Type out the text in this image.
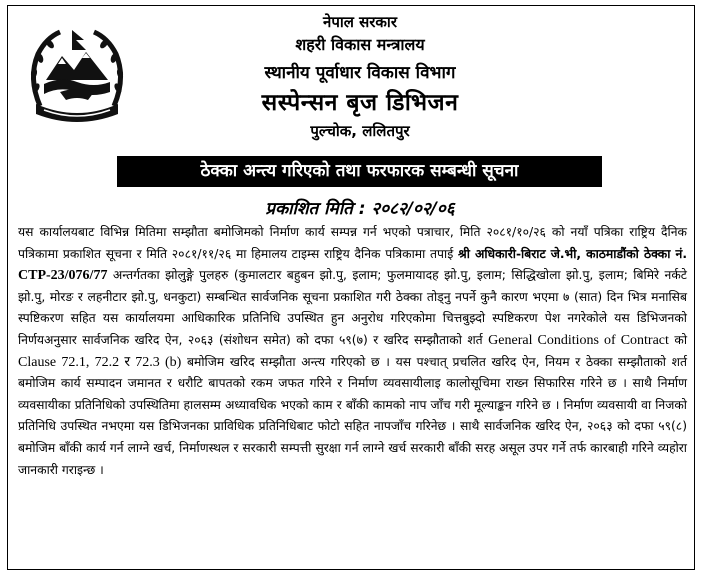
नेपाल सरकार
शहरी विकास मन्त्रालय
स्थानीय पूर्वाधार विकास विभाग
सस्पेन्सन बृज डिभिजन
पुल्चोक, ललितपुर
ठेक्का अन्त्य गरिएको तथा फरफारक सम्बन्धी सूचना
प्रकाशित मिति : २०८२/०२/०६
यस कार्यालयबाट विभिन्न मितिमा सम्झौता बमोजिमको निर्माण कार्य सम्पन्न गर्न भएको पत्राचार, मिति २०८१/१०/२६ को नयाँ पत्रिका राष्ट्रिय दैनिक पत्रिकामा प्रकाशित सूचना र मिति २०८१/११/२६ मा हिमालय टाइम्स राष्ट्रिय दैनिक पत्रिकामा तपाई श्री अधिकारी-बिराट जे.भी, काठमाडौंको ठेक्का नं. CTP-23/076/77 अन्तर्गतका झोलुङ्गे पुलहरु (कुमालटार बहुबन झो.पु, इलाम; फुलमायादह झो.पु, इलाम; सिद्धिखोला झो.पु, इलाम; बिमिरे नर्कटे झो.पु, मोरङ र लहनीटार झो.पु, धनकुटा) सम्बन्धित सार्वजनिक सूचना प्रकाशित गरी ठेक्का तोड्नु नपर्ने कुनै कारण भएमा ७ (सात) दिन भित्र मनासिब स्पष्टिकरण सहित यस कार्यालयमा आधिकारिक प्रतिनिधि उपस्थित हुन अनुरोध गरिएकोमा चित्तबुझ्दो स्पष्टिकरण पेश नगरेकोले यस डिभिजनको निर्णयअनुसार सार्वजनिक खरिद ऐन, २०६३ (संशोधन समेत) को दफा ५९(७) र खरिद सम्झौताको शर्त General Conditions of Contract को Clause 72.1, 72.2 र 72.3 (b) बमोजिम खरिद सम्झौता अन्त्य गरिएको छ । यस पश्चात् प्रचलित खरिद ऐन, नियम र ठेक्का सम्झौताको शर्त बमोजिम कार्य सम्पादन जमानत र धरौटि बापतको रकम जफत गरिने र निर्माण व्यवसायीलाइ कालोसूचिमा राख्न सिफारिस गरिने छ । साथै निर्माण व्यवसायीका प्रतिनिधिको उपस्थितिमा हालसम्म अध्यावधिक भएको काम र बाँकी कामको नाप जाँच गरी मूल्याङ्कन गरिने छ । निर्माण व्यवसायी वा निजको प्रतिनिधि उपस्थित नभएमा यस डिभिजनका प्राविधिक प्रतिनिधिबाट फोटो सहित नापजाँच गरिनेछ । साथै सार्वजनिक खरिद ऐन, २०६३ को दफा ५९(८) बमोजिम बाँकी कार्य गर्न लाग्ने खर्च, निर्माणस्थल र सरकारी सम्पत्ती सुरक्षा गर्न लाग्ने खर्च सरकारी बाँकी सरह असूल उपर गर्ने तर्फ कारबाही गरिने व्यहोरा जानकारी गराइन्छ ।
